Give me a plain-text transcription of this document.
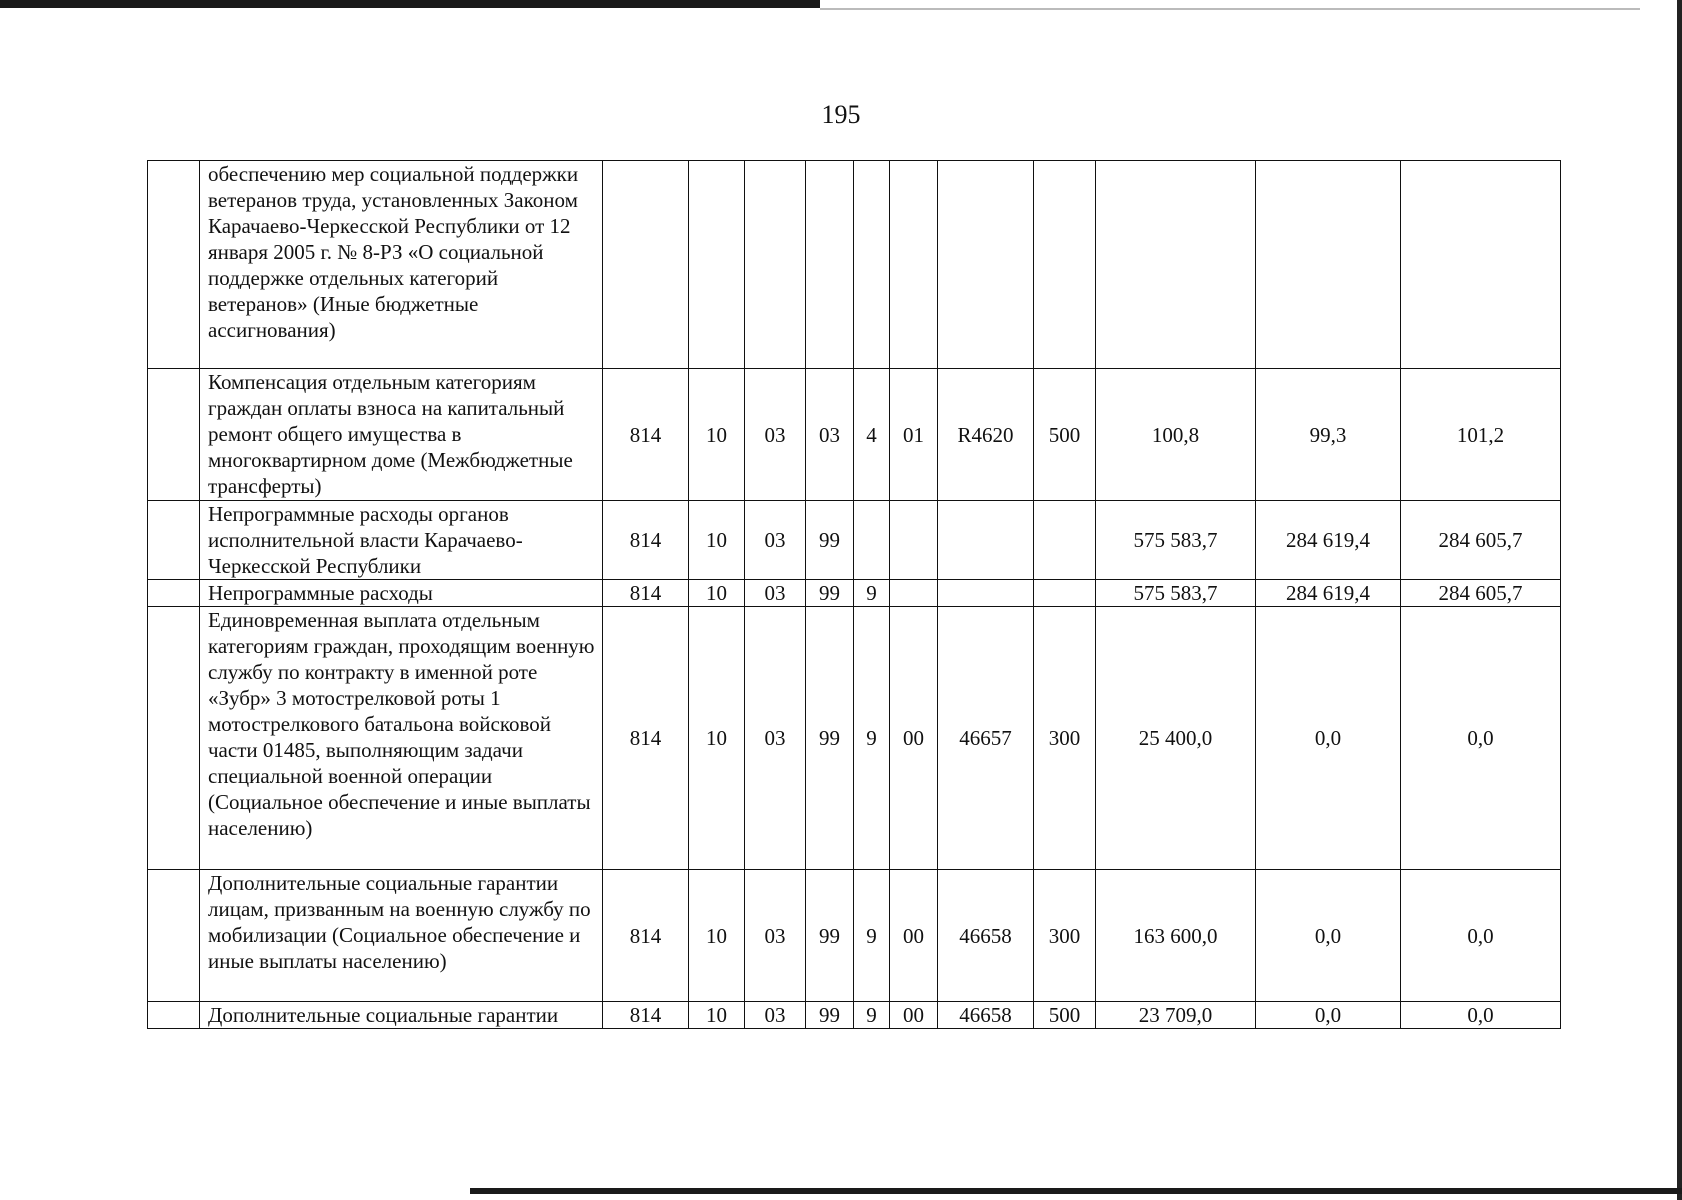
195
	обеспечению мер социальной поддержки ветеранов труда, установленных Законом Карачаево-Черкесской Республики от 12 января 2005 г. № 8-РЗ «О социальной поддержке отдельных категорий ветеранов» (Иные бюджетные ассигнования)											
	Компенсация отдельным категориям граждан оплаты взноса на капитальный ремонт общего имущества в многоквартирном доме (Межбюджетные трансферты)	814	10	03	03	4	01	R4620	500	100,8	99,3	101,2
	Непрограммные расходы органов исполнительной власти Карачаево-Черкесской Республики	814	10	03	99					575 583,7	284 619,4	284 605,7
	Непрограммные расходы	814	10	03	99	9				575 583,7	284 619,4	284 605,7
	Единовременная выплата отдельным категориям граждан, проходящим военную службу по контракту в именной роте «Зубр» 3 мотострелковой роты 1 мотострелкового батальона войсковой части 01485, выполняющим задачи специальной военной операции (Социальное обеспечение и иные выплаты населению)	814	10	03	99	9	00	46657	300	25 400,0	0,0	0,0
	Дополнительные социальные гарантии лицам, призванным на военную службу по мобилизации (Социальное обеспечение и иные выплаты населению)	814	10	03	99	9	00	46658	300	163 600,0	0,0	0,0
	Дополнительные социальные гарантии	814	10	03	99	9	00	46658	500	23 709,0	0,0	0,0
